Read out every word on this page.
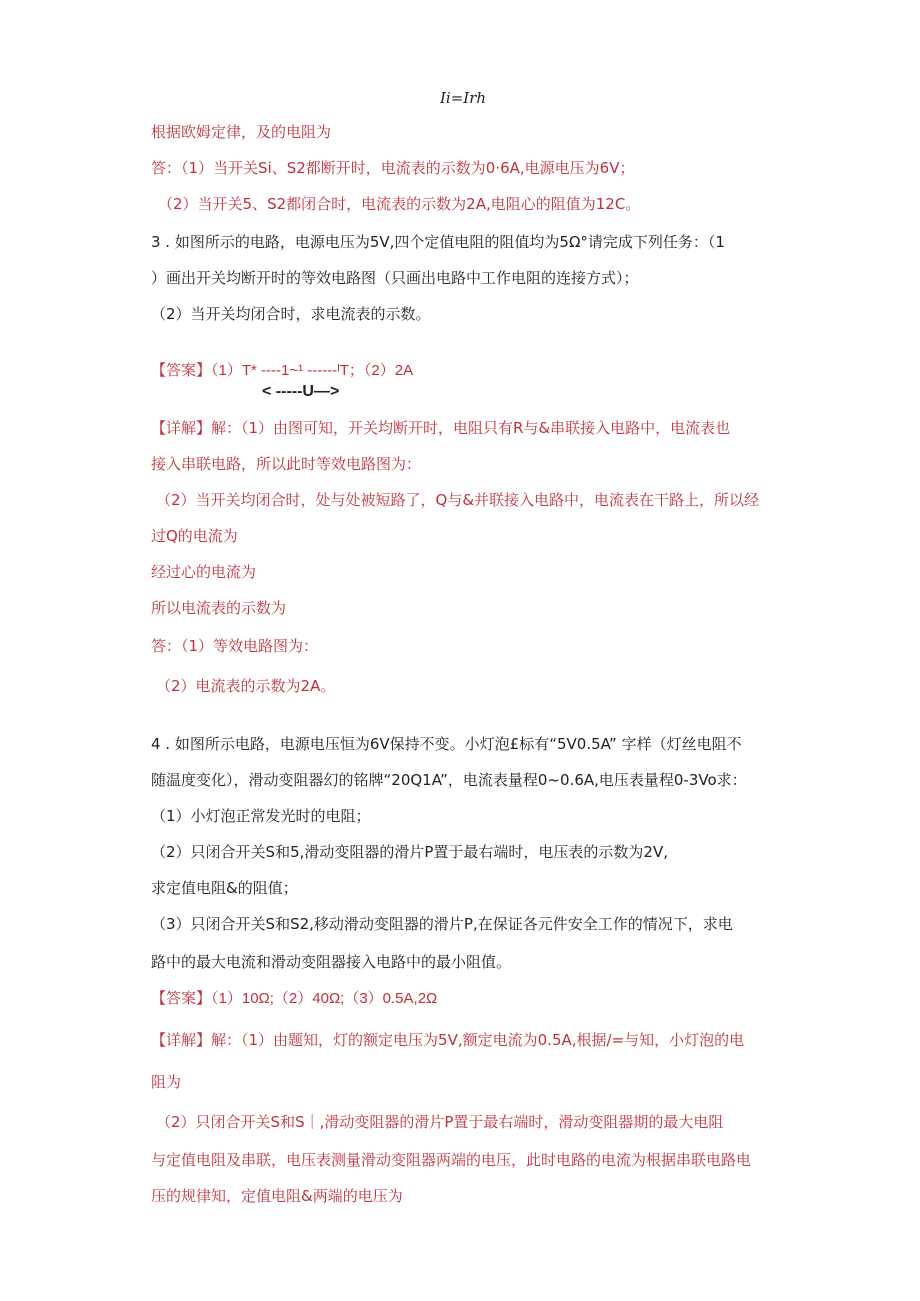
Ii=Irh
根据欧姆定律，及的电阻为
答：（1）当开关Si、S2都断开时，电流表的示数为0·6A,电源电压为6V；
（2）当开关5、S2都闭合时，电流表的示数为2A,电阻心的阻值为12C。
3 . 如图所示的电路，电源电压为5V,四个定值电阻的阻值均为5Ω°请完成下列任务：（1
）画出开关均断开时的等效电路图（只画出电路中工作电阻的连接方式）；
（2）当开关均闭合时，求电流表的示数。
【答案】（1）T* ----1~¹ ------ᴵT；（2）2A
< -----U—>
【详解】解：（1）由图可知，开关均断开时，电阻只有R与&串联接入电路中，电流表也
接入串联电路，所以此时等效电路图为：
（2）当开关均闭合时，处与处被短路了，Q与&并联接入电路中，电流表在干路上，所以经
过Q的电流为
经过心的电流为
所以电流表的示数为
答：（1）等效电路图为：
（2）电流表的示数为2A。
4 . 如图所示电路，电源电压恒为6V保持不变。小灯泡£标有“5V0.5A” 字样（灯丝电阻不
随温度变化），滑动变阻器幻的铭牌“20Q1A”，电流表量程0~0.6A,电压表量程0-3Vo求：
（1）小灯泡正常发光时的电阻；
（2）只闭合开关S和5,滑动变阻器的滑片P置于最右端时，电压表的示数为2V,
求定值电阻&的阻值；
（3）只闭合开关S和S2,移动滑动变阻器的滑片P,在保证各元件安全工作的情况下，求电
路中的最大电流和滑动变阻器接入电路中的最小阻值。
【答案】（1）10Ω;（2）40Ω;（3）0.5A,2Ω
【详解】解：（1）由题知，灯的额定电压为5V,额定电流为0.5A,根据/=与知，小灯泡的电
阻为
（2）只闭合开关S和S｜,滑动变阻器的滑片P置于最右端时，滑动变阻器期的最大电阻
与定值电阻及串联，电压表测量滑动变阻器两端的电压，此时电路的电流为根据串联电路电
压的规律知，定值电阻&两端的电压为
